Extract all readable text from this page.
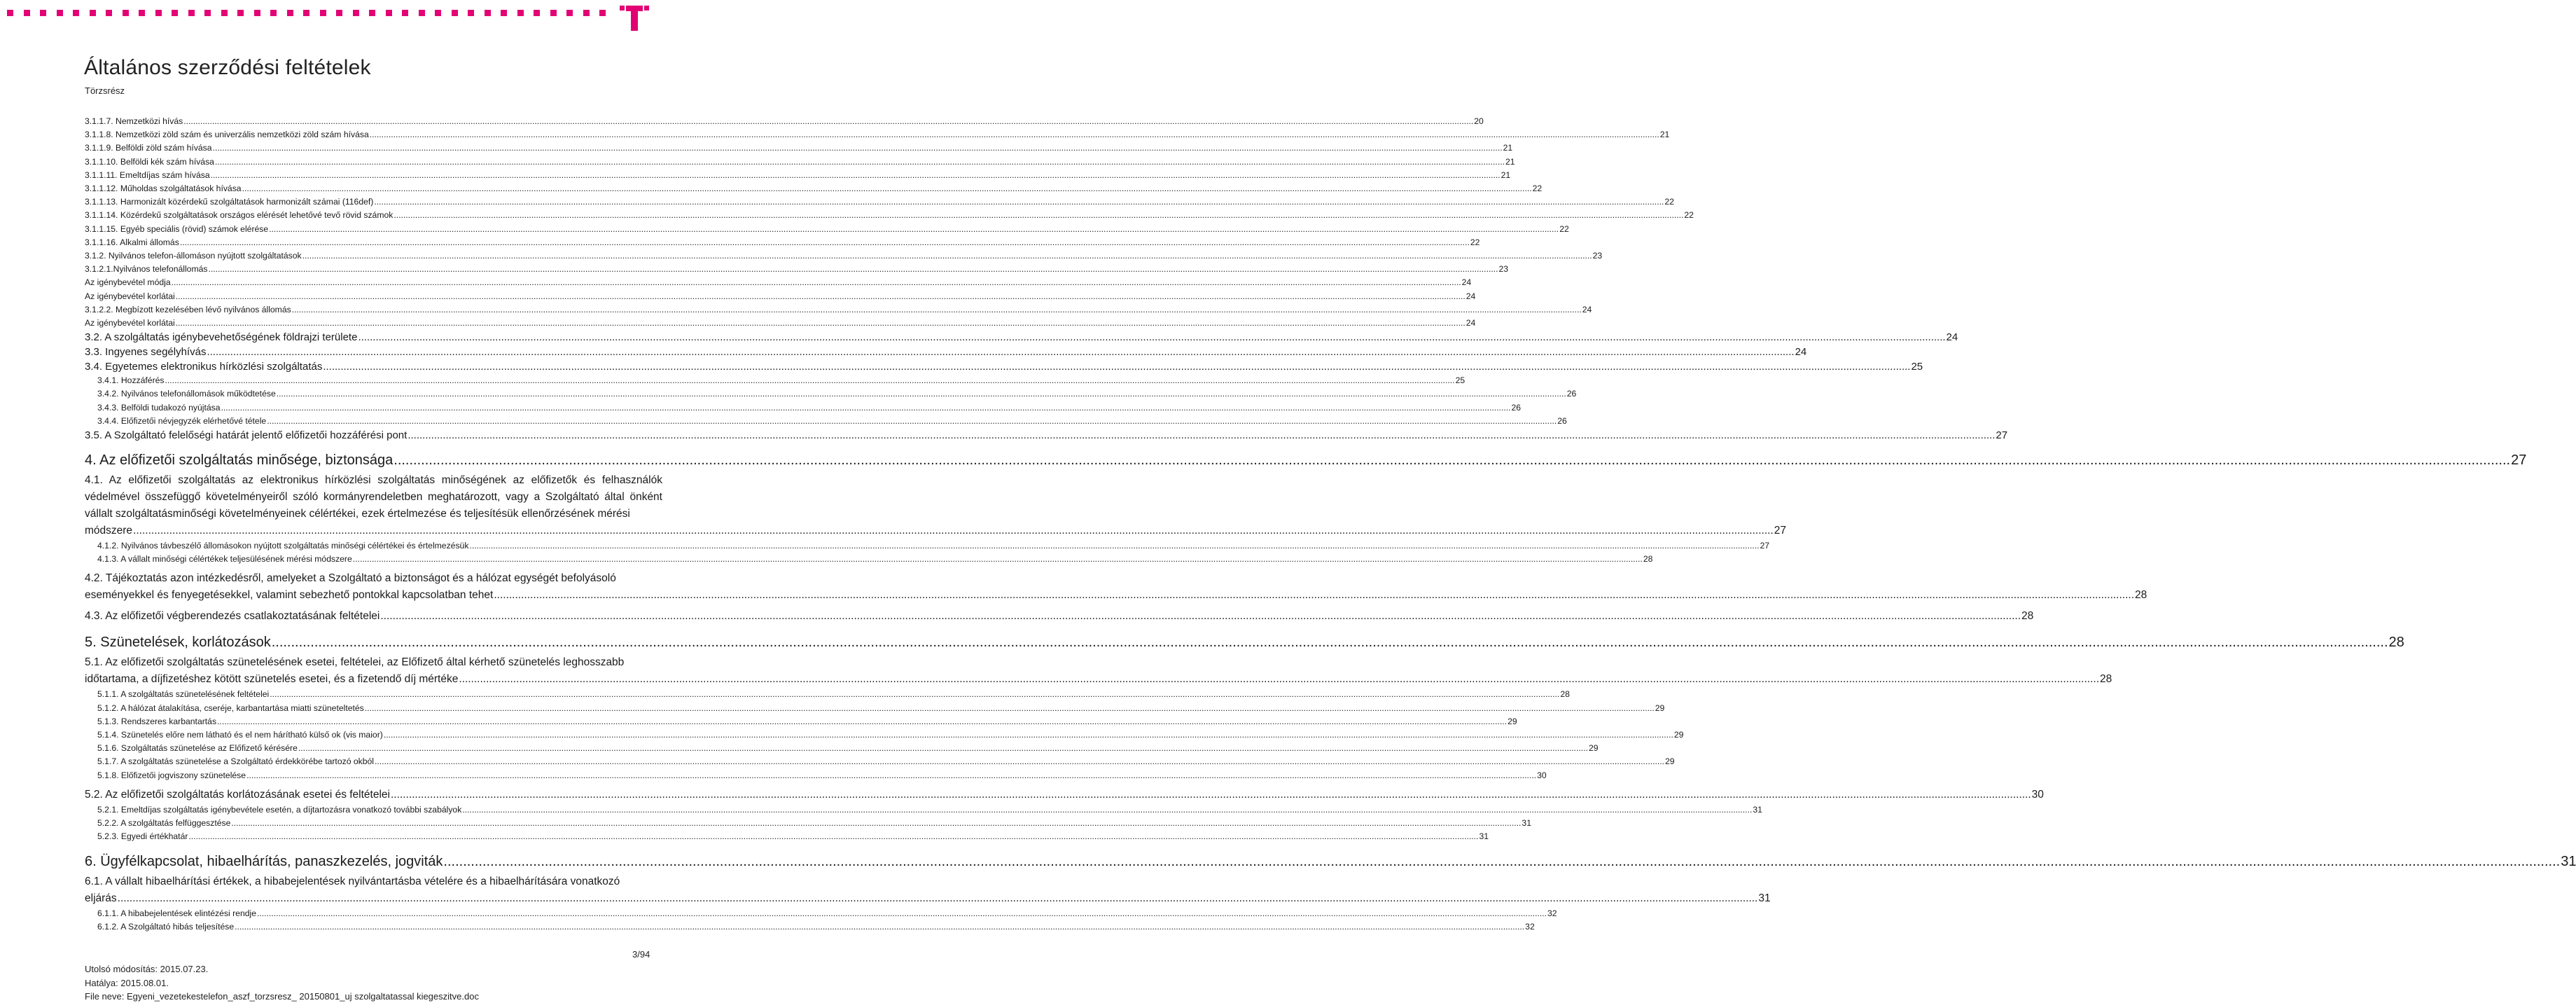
Általános szerződési feltételek
Törzsrész
3.1.1.7. Nemzetközi hívás .....	20
3.1.1.8. Nemzetközi zöld szám és univerzális nemzetközi zöld szám hívása .....	21
3.1.1.9. Belföldi zöld szám hívása .....	21
3.1.1.10. Belföldi kék szám hívása .....	21
3.1.1.11. Emeltdíjas szám hívása .....	21
3.1.1.12. Műholdas szolgáltatások hívása .....	22
3.1.1.13. Harmonizált közérdekű szolgáltatások harmonizált számai (116def) .....	22
3.1.1.14. Közérdekű szolgáltatások országos elérését lehetővé tevő rövid számok .....	22
3.1.1.15. Egyéb speciális (rövid) számok elérése .....	22
3.1.1.16. Alkalmi állomás .....	22
3.1.2. Nyilvános telefon-állomáson nyújtott szolgáltatások .....	23
3.1.2.1.Nyilvános telefonállomás .....	23
Az igénybevétel módja .....	24
Az igénybevétel korlátai .....	24
3.1.2.2. Megbízott kezelésében lévő nyilvános állomás .....	24
Az igénybevétel korlátai .....	24
3.2. A szolgáltatás igénybevehetőségének földrajzi területe .....	24
3.3. Ingyenes segélyhívás .....	24
3.4. Egyetemes elektronikus hírközlési szolgáltatás .....	25
3.4.1. Hozzáférés .....	25
3.4.2. Nyilvános telefonállomások működtetése .....	26
3.4.3. Belföldi tudakozó nyújtása .....	26
3.4.4. Előfizetői névjegyzék elérhetővé tétele .....	26
3.5. A Szolgáltató felelőségi határát jelentő előfizetői hozzáférési pont .....	27
4. Az előfizetői szolgáltatás minősége, biztonsága .....	27
4.1. Az előfizetői szolgáltatás az elektronikus hírközlési szolgáltatás minőségének az előfizetők és felhasználók védelmével összefüggő követelményeiről szóló kormányrendeletben meghatározott, vagy a Szolgáltató által önként vállalt szolgáltatásminőségi követelményeinek célértékei, ezek értelmezése és teljesítésük ellenőrzésének mérési
módszere .....	27
4.1.2. Nyilvános távbeszélő állomásokon nyújtott szolgáltatás minőségi célértékei és értelmezésük .....	27
4.1.3. A vállalt minőségi célértékek teljesülésének mérési módszere .....	28
4.2. Tájékoztatás azon intézkedésről, amelyeket a Szolgáltató a biztonságot és a hálózat egységét befolyásoló
eseményekkel és fenyegetésekkel, valamint sebezhető pontokkal kapcsolatban tehet .....	28
4.3. Az előfizetői végberendezés csatlakoztatásának feltételei .....	28
5. Szünetelések, korlátozások .....	28
5.1. Az előfizetői szolgáltatás szünetelésének esetei, feltételei, az Előfizető által kérhető szünetelés leghosszabb
időtartama, a díjfizetéshez kötött szünetelés esetei, és a fizetendő díj mértéke .....	28
5.1.1. A szolgáltatás szünetelésének feltételei .....	28
5.1.2. A hálózat átalakítása, cseréje, karbantartása miatti szüneteltetés .....	29
5.1.3. Rendszeres karbantartás .....	29
5.1.4. Szünetelés előre nem látható és el nem hárítható külső ok (vis maior) .....	29
5.1.6. Szolgáltatás szünetelése az Előfizető kérésére .....	29
5.1.7. A szolgáltatás szünetelése a Szolgáltató érdekkörébe tartozó okból .....	29
5.1.8. Előfizetői jogviszony szünetelése .....	30
5.2. Az előfizetői szolgáltatás korlátozásának esetei és feltételei .....	30
5.2.1. Emeltdíjas szolgáltatás igénybevétele esetén, a díjtartozásra vonatkozó további szabályok .....	31
5.2.2. A szolgáltatás felfüggesztése .....	31
5.2.3. Egyedi értékhatár .....	31
6. Ügyfélkapcsolat, hibaelhárítás, panaszkezelés, jogviták .....	31
6.1. A vállalt hibaelhárítási értékek, a hibabejelentések nyilvántartásba vételére és a hibaelhárítására vonatkozó
eljárás .....	31
6.1.1. A hibabejelentések elintézési rendje .....	32
6.1.2. A Szolgáltató hibás teljesítése .....	32
3/94
Utolsó módosítás: 2015.07.23.
Hatálya: 2015.08.01.
File neve: Egyeni_vezetekestelefon_aszf_torzsresz_ 20150801_uj szolgaltatassal kiegeszitve.doc
